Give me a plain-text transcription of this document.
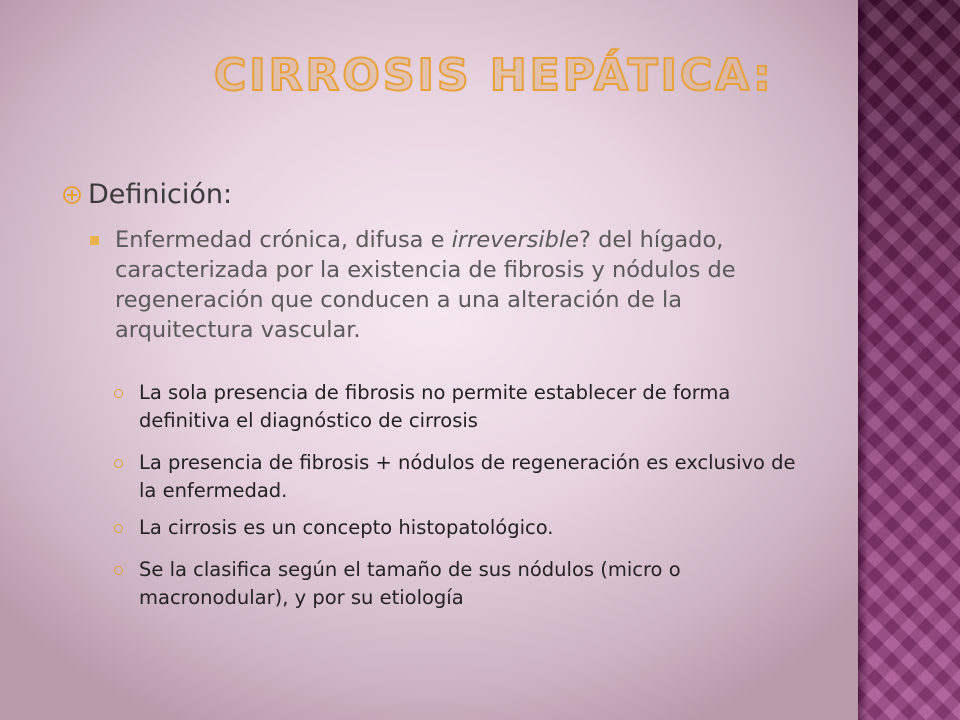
CIRROSIS HEPÁTICA:
Definición:
Enfermedad crónica, difusa e irreversible? del hígado, caracterizada por la existencia de fibrosis y nódulos de regeneración que conducen a una alteración de la arquitectura vascular.
La sola presencia de fibrosis no permite establecer de forma definitiva el diagnóstico de cirrosis
La presencia de fibrosis + nódulos de regeneración es exclusivo de la enfermedad.
La cirrosis es un concepto histopatológico.
Se la clasifica según el tamaño de sus nódulos (micro o macronodular), y por su etiología
